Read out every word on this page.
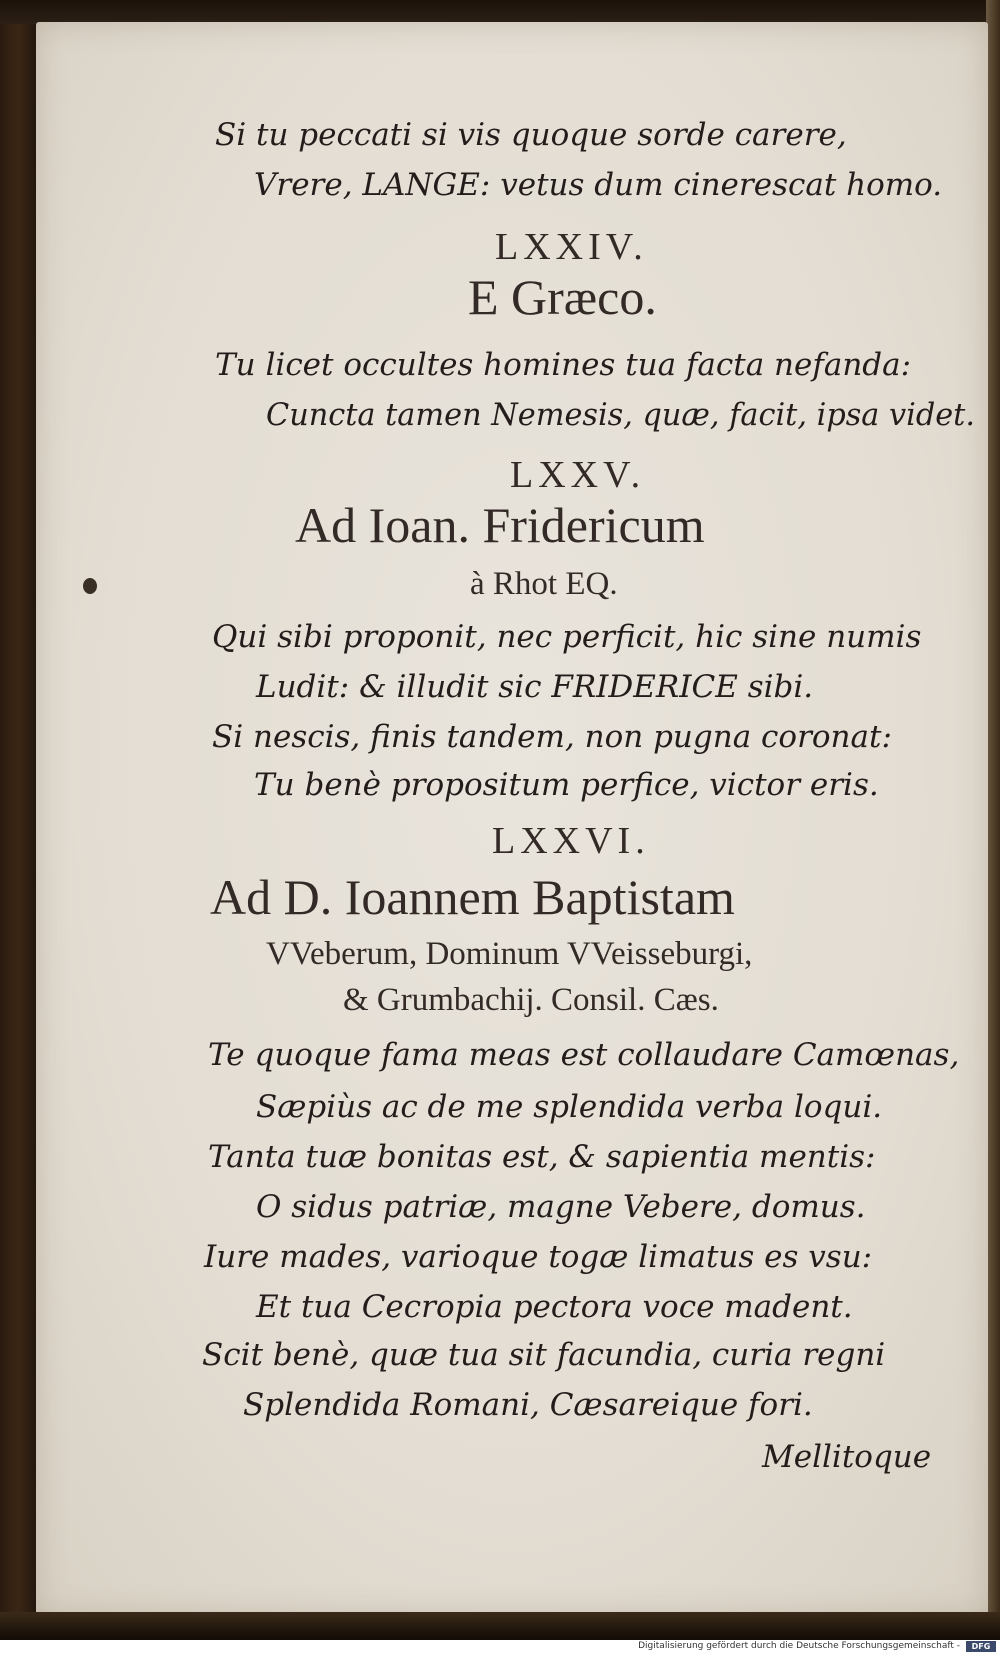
Si tu peccati si vis quoque sorde carere,
Vrere, LANGE: vetus dum cinerescat homo.
LXXIV.
E Græco.
Tu licet occultes homines tua facta nefanda:
Cuncta tamen Nemesis, quæ, facit, ipsa videt.
LXXV.
Ad Ioan. Fridericum
à Rhot EQ.
Qui sibi proponit, nec perficit, hic sine numis
Ludit: & illudit sic FRIDERICE sibi.
Si nescis, finis tandem, non pugna coronat:
Tu benè propositum perfice, victor eris.
LXXVI.
Ad D. Ioannem Baptistam
VVeberum, Dominum VVeissеburgi,
& Grumbachij. Consil. Cæs.
Te quoque fama meas est collaudare Camœnas,
Sæpiùs ac de me splendida verba loqui.
Tanta tuæ bonitas est, & sapientia mentis:
O sidus patriæ, magne Vebere, domus.
Iure mades, varioque togæ limatus es vsu:
Et tua Cecropia pectora voce madent.
Scit benè, quæ tua sit facundia, curia regni
Splendida Romani, Cæsareique fori.
Mellitoque
Digitalisierung gefördert durch die Deutsche Forschungsgemeinschaft -	DFG
